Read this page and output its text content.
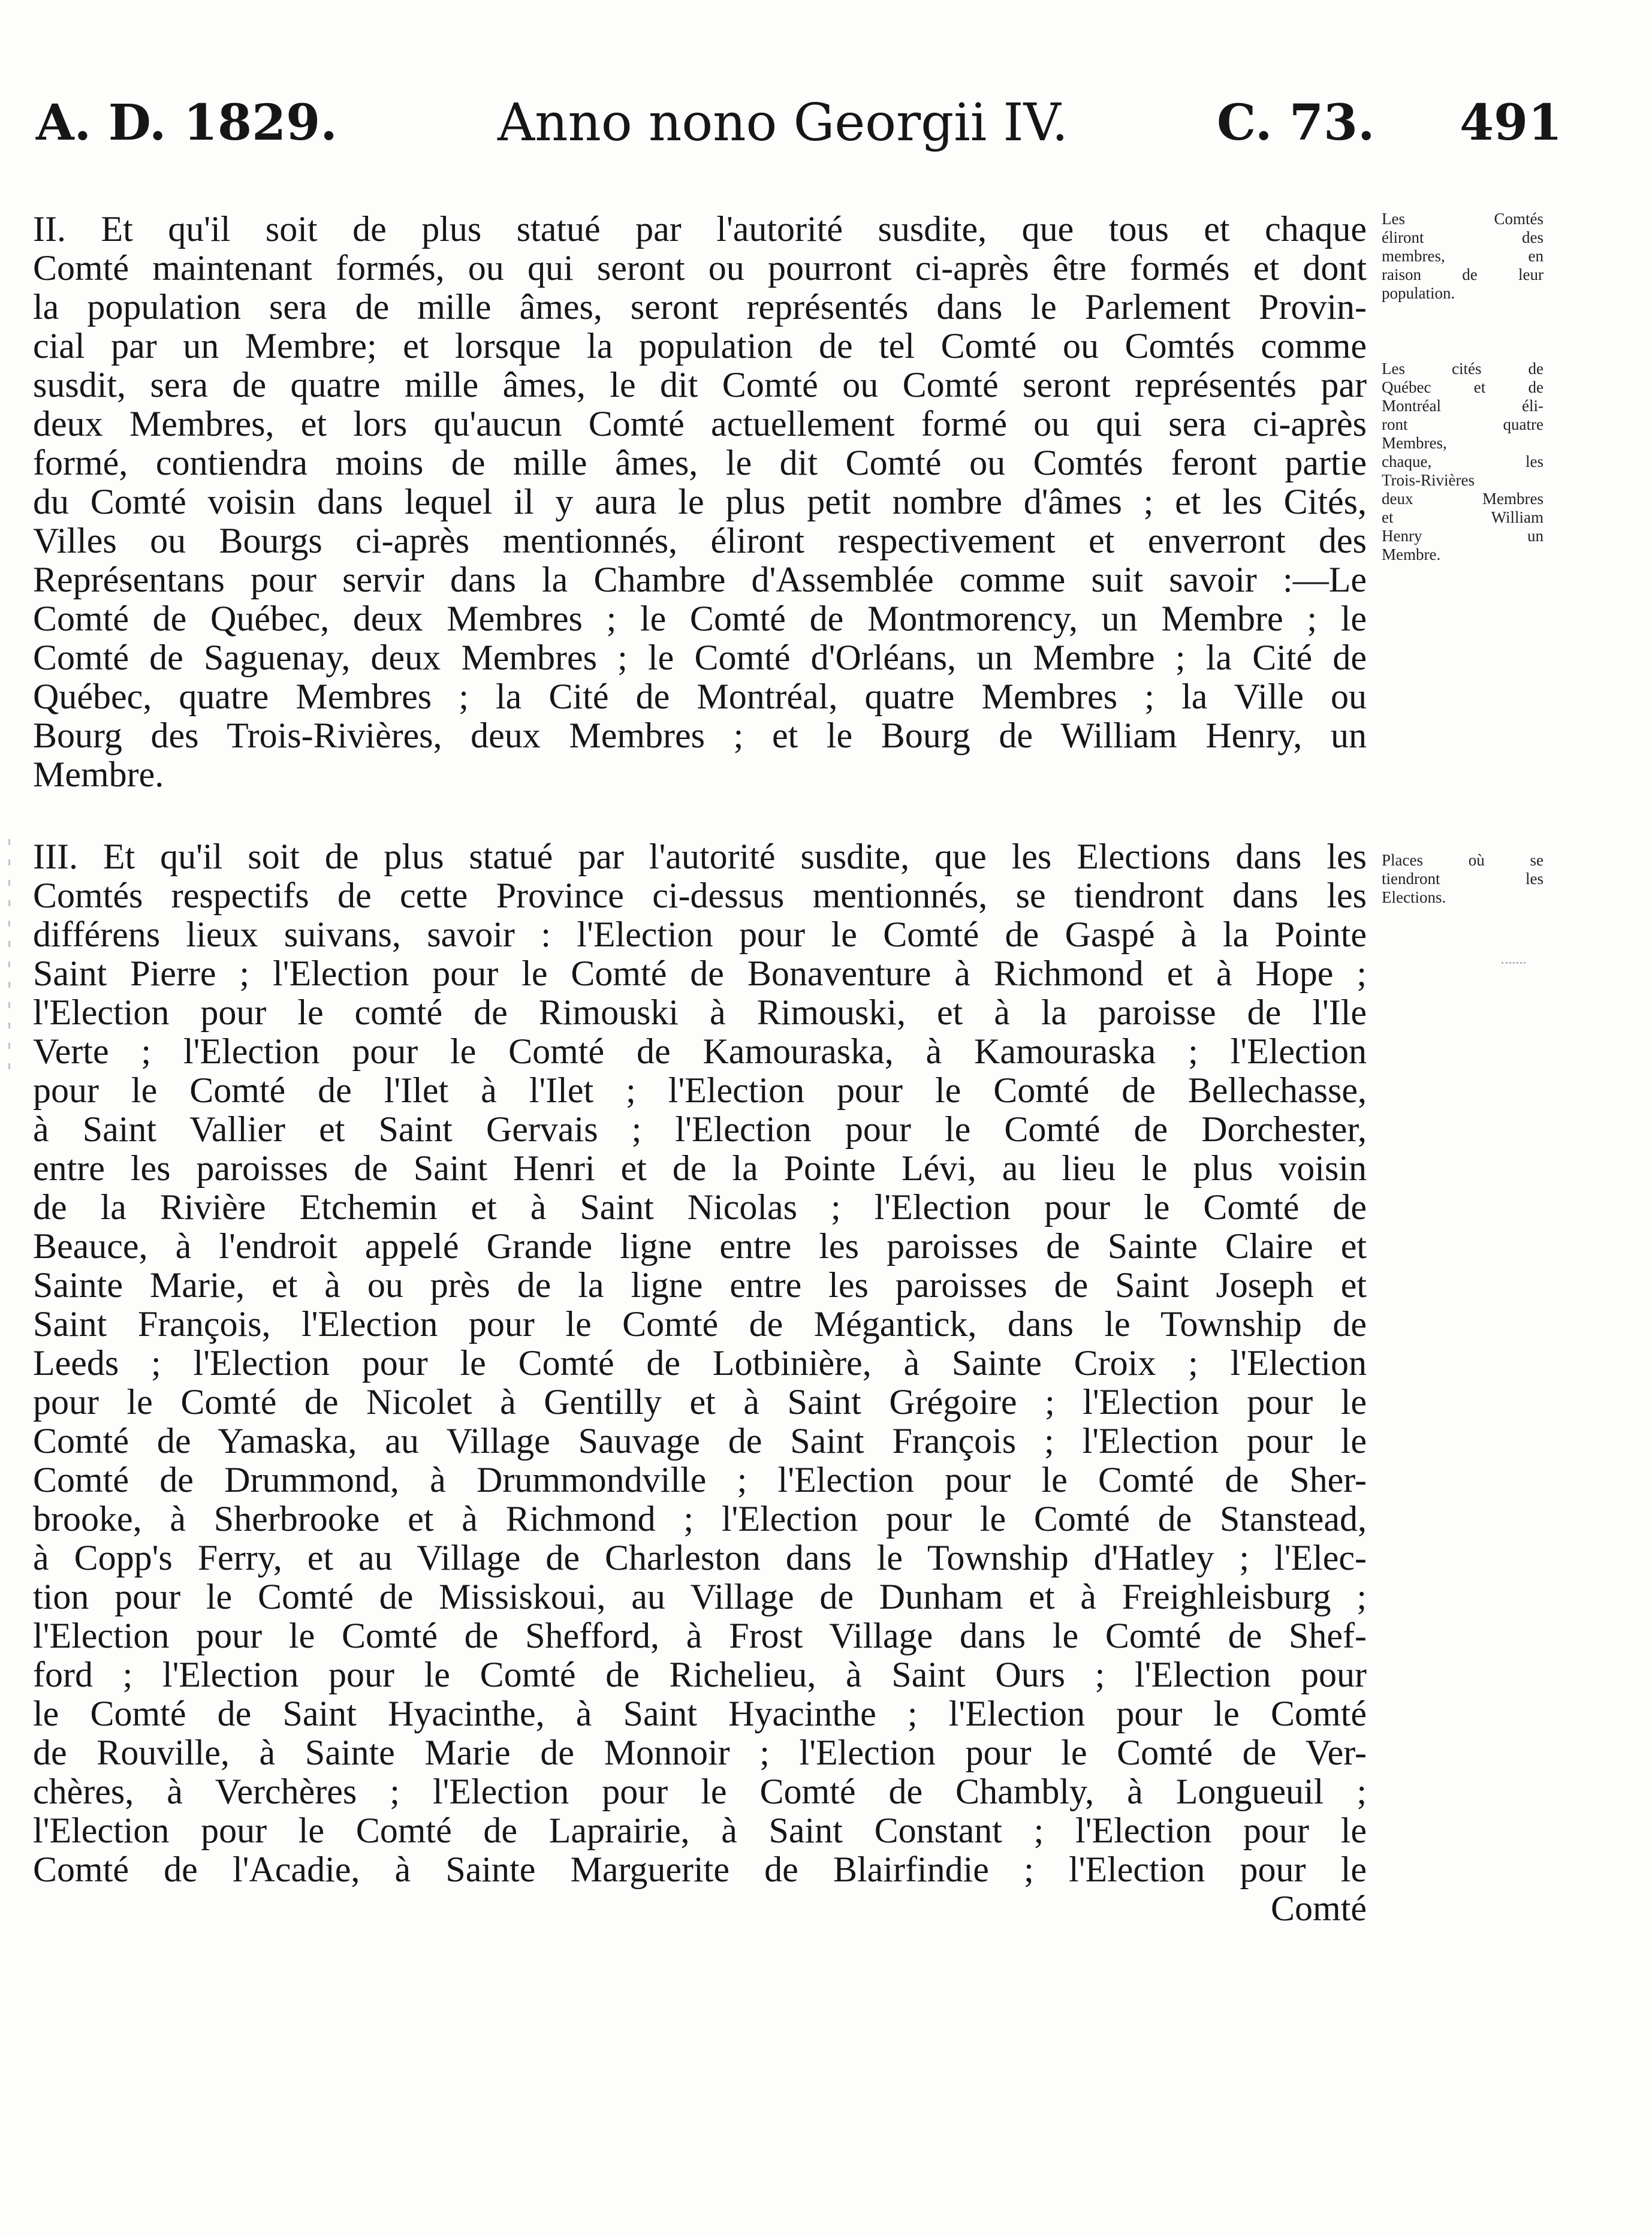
A. D. 1829.	Anno nono Georgii IV.	C. 73. 491
II. Et qu'il soit de plus statué par l'autorité susdite, que tous et chaque
Comté maintenant formés, ou qui seront ou pourront ci-après être formés et dont
la population sera de mille âmes, seront représentés dans le Parlement Provin-
cial par un Membre; et lorsque la population de tel Comté ou Comtés comme
susdit, sera de quatre mille âmes, le dit Comté ou Comté seront représentés par
deux Membres, et lors qu'aucun Comté actuellement formé ou qui sera ci-après
formé, contiendra moins de mille âmes, le dit Comté ou Comtés feront partie
du Comté voisin dans lequel il y aura le plus petit nombre d'âmes ; et les Cités,
Villes ou Bourgs ci-après mentionnés, éliront respectivement et enverront des
Représentans pour servir dans la Chambre d'Assemblée comme suit savoir :—Le
Comté de Québec, deux Membres ; le Comté de Montmorency, un Membre ; le
Comté de Saguenay, deux Membres ; le Comté d'Orléans, un Membre ; la Cité de
Québec, quatre Membres ; la Cité de Montréal, quatre Membres ; la Ville ou
Bourg des Trois-Rivières, deux Membres ; et le Bourg de William Henry, un
Membre.
III. Et qu'il soit de plus statué par l'autorité susdite, que les Elections dans les
Comtés respectifs de cette Province ci-dessus mentionnés, se tiendront dans les
différens lieux suivans, savoir : l'Election pour le Comté de Gaspé à la Pointe
Saint Pierre ; l'Election pour le Comté de Bonaventure à Richmond et à Hope ;
l'Election pour le comté de Rimouski à Rimouski, et à la paroisse de l'Ile
Verte ; l'Election pour le Comté de Kamouraska, à Kamouraska ; l'Election
pour le Comté de l'Ilet à l'Ilet ; l'Election pour le Comté de Bellechasse,
à Saint Vallier et Saint Gervais ; l'Election pour le Comté de Dorchester,
entre les paroisses de Saint Henri et de la Pointe Lévi, au lieu le plus voisin
de la Rivière Etchemin et à Saint Nicolas ; l'Election pour le Comté de
Beauce, à l'endroit appelé Grande ligne entre les paroisses de Sainte Claire et
Sainte Marie, et à ou près de la ligne entre les paroisses de Saint Joseph et
Saint François, l'Election pour le Comté de Mégantick, dans le Township de
Leeds ; l'Election pour le Comté de Lotbinière, à Sainte Croix ; l'Election
pour le Comté de Nicolet à Gentilly et à Saint Grégoire ; l'Election pour le
Comté de Yamaska, au Village Sauvage de Saint François ; l'Election pour le
Comté de Drummond, à Drummondville ; l'Election pour le Comté de Sher-
brooke, à Sherbrooke et à Richmond ; l'Election pour le Comté de Stanstead,
à Copp's Ferry, et au Village de Charleston dans le Township d'Hatley ; l'Elec-
tion pour le Comté de Missiskoui, au Village de Dunham et à Freighleisburg ;
l'Election pour le Comté de Shefford, à Frost Village dans le Comté de Shef-
ford ; l'Election pour le Comté de Richelieu, à Saint Ours ; l'Election pour
le Comté de Saint Hyacinthe, à Saint Hyacinthe ; l'Election pour le Comté
de Rouville, à Sainte Marie de Monnoir ; l'Election pour le Comté de Ver-
chères, à Verchères ; l'Election pour le Comté de Chambly, à Longueuil ;
l'Election pour le Comté de Laprairie, à Saint Constant ; l'Election pour le
Comté de l'Acadie, à Sainte Marguerite de Blairfindie ; l'Election pour le
Comté
Les Comtés
éliront des
membres, en
raison de leur
population.
Les cités de
Québec et de
Montréal éli-
ront quatre
Membres,
chaque, les
Trois-Rivières
deux Membres
et William
Henry un
Membre.
Places où se
tiendront les
Elections.
